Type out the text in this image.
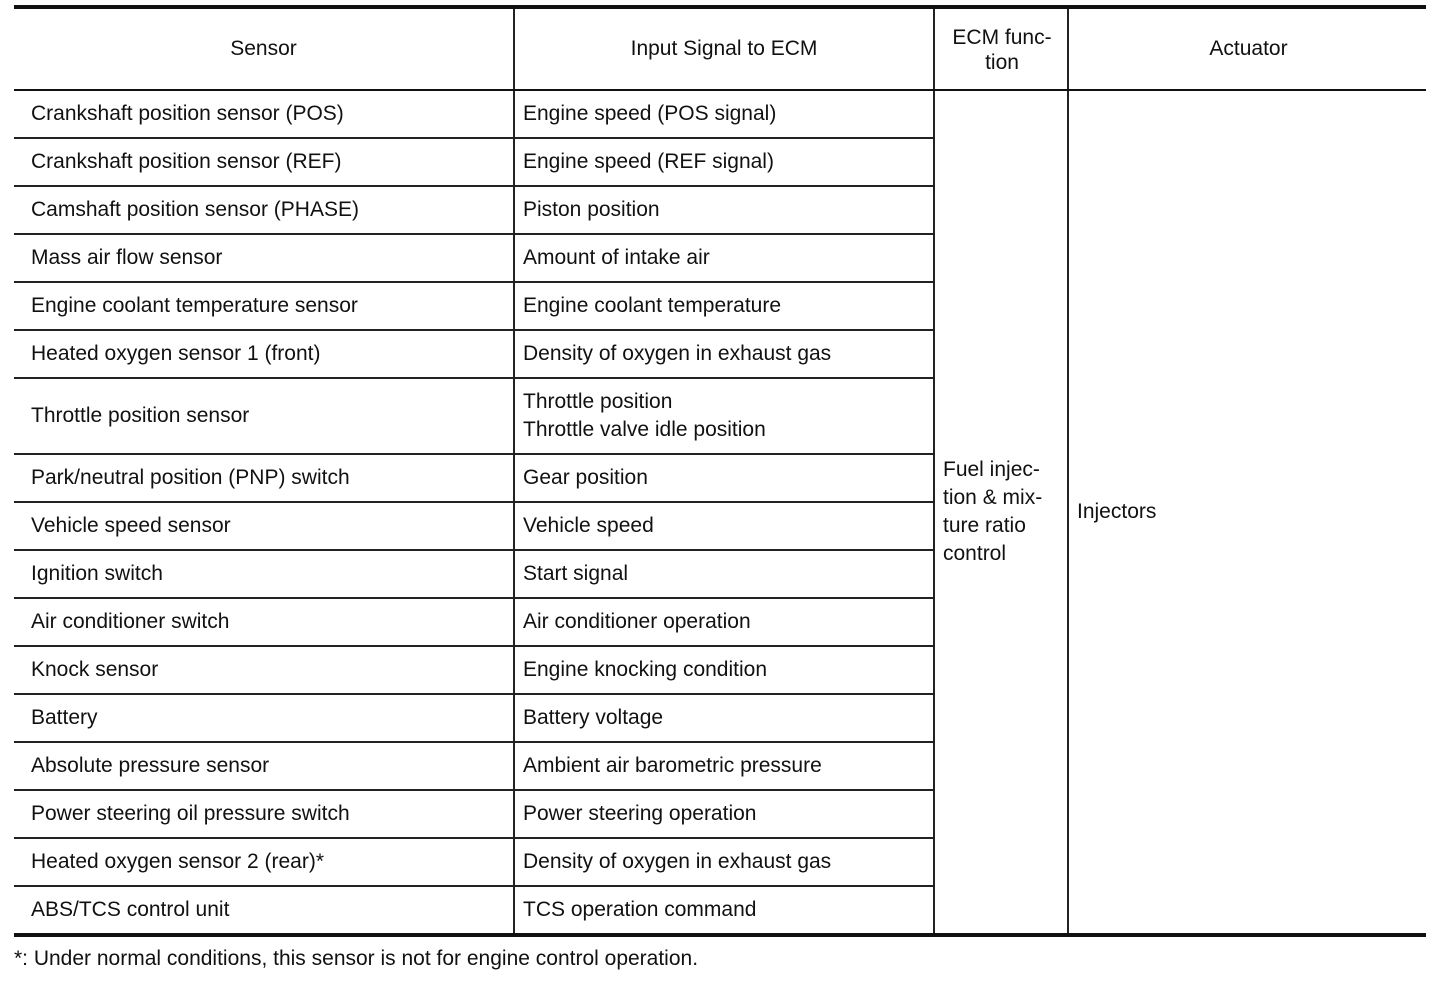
Sensor	Input Signal to ECM	ECM func-
tion	Actuator
Crankshaft position sensor (POS)	Engine speed (POS signal)	Fuel injec-
tion & mix-
ture ratio
control	Injectors
Crankshaft position sensor (REF)	Engine speed (REF signal)		

Camshaft position sensor (PHASE)	Piston position		

Mass air flow sensor	Amount of intake air		

Engine coolant temperature sensor	Engine coolant temperature		

Heated oxygen sensor 1 (front)	Density of oxygen in exhaust gas		

Throttle position sensor	Throttle position
Throttle valve idle position		

Park/neutral position (PNP) switch	Gear position		

Vehicle speed sensor	Vehicle speed		

Ignition switch	Start signal		

Air conditioner switch	Air conditioner operation		

Knock sensor	Engine knocking condition		

Battery	Battery voltage		

Absolute pressure sensor	Ambient air barometric pressure		

Power steering oil pressure switch	Power steering operation		

Heated oxygen sensor 2 (rear)*	Density of oxygen in exhaust gas		

ABS/TCS control unit	TCS operation command		
*: Under normal conditions, this sensor is not for engine control operation.
